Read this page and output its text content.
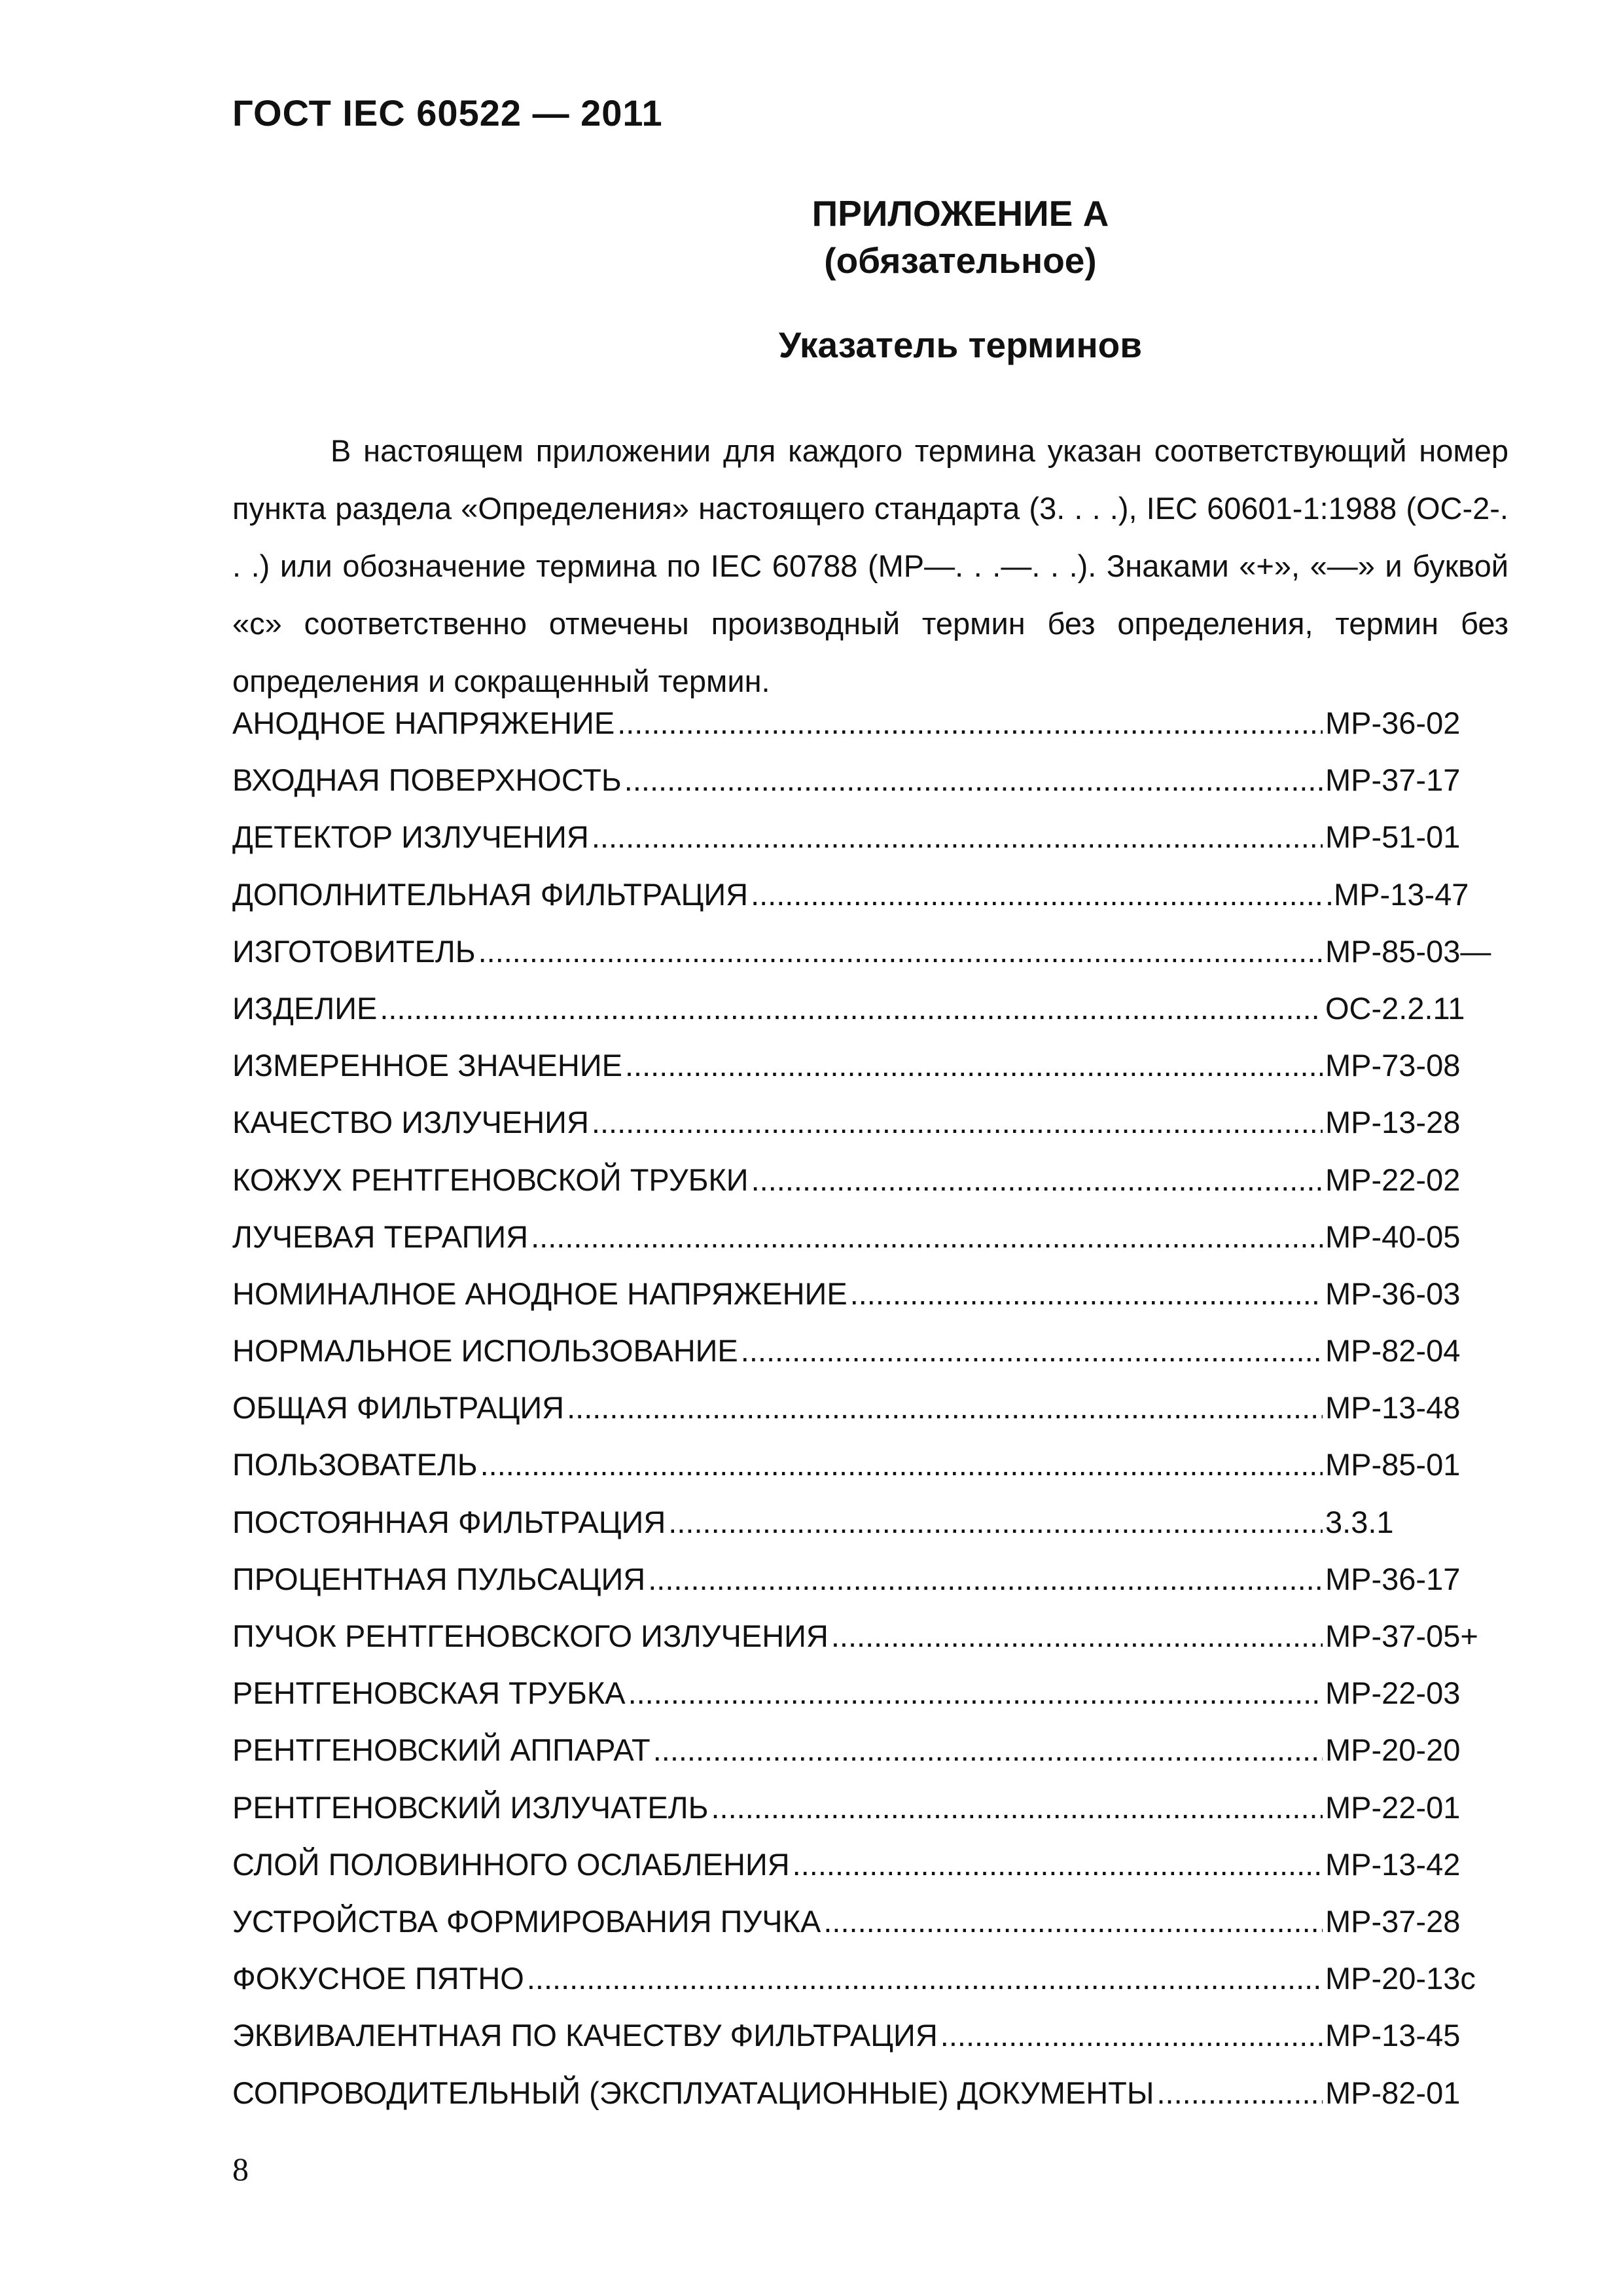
ГОСТ IEC 60522 — 2011
ПРИЛОЖЕНИЕ А
(обязательное)
Указатель терминов

В настоящем приложении для каждого термина указан соответствующий номер пункта раздела «Определения» настоящего стандарта (3. . . .), IEC 60601-1:1988 (ОС-2-. . .) или обозначение термина по IEC 60788 (МР—. . .—. . .). Знаками «+», «—» и буквой «с» соответственно отмечены производный термин без определения, термин без определения и сокращенный термин.

АНОДНОЕ НАПРЯЖЕНИЕ .....	МР-36-02
ВХОДНАЯ ПОВЕРХНОСТЬ .....	МР-37-17
ДЕТЕКТОР ИЗЛУЧЕНИЯ .....	МР-51-01
ДОПОЛНИТЕЛЬНАЯ ФИЛЬТРАЦИЯ .....	.МР-13-47
ИЗГОТОВИТЕЛЬ .....	МР-85-03—
ИЗДЕЛИЕ .....	ОС-2.2.11
ИЗМЕРЕННОЕ ЗНАЧЕНИЕ .....	МР-73-08
КАЧЕСТВО ИЗЛУЧЕНИЯ .....	МР-13-28
КОЖУХ РЕНТГЕНОВСКОЙ ТРУБКИ .....	МР-22-02
ЛУЧЕВАЯ ТЕРАПИЯ .....	МР-40-05
НОМИНАЛНОЕ АНОДНОЕ НАПРЯЖЕНИЕ .....	МР-36-03
НОРМАЛЬНОЕ ИСПОЛЬЗОВАНИЕ .....	МР-82-04
ОБЩАЯ ФИЛЬТРАЦИЯ .....	МР-13-48
ПОЛЬЗОВАТЕЛЬ .....	МР-85-01
ПОСТОЯННАЯ ФИЛЬТРАЦИЯ .....	3.3.1
ПРОЦЕНТНАЯ ПУЛЬСАЦИЯ .....	МР-36-17
ПУЧОК РЕНТГЕНОВСКОГО ИЗЛУЧЕНИЯ .....	МР-37-05+
РЕНТГЕНОВСКАЯ ТРУБКА .....	МР-22-03
РЕНТГЕНОВСКИЙ АППАРАТ .....	МР-20-20
РЕНТГЕНОВСКИЙ ИЗЛУЧАТЕЛЬ .....	МР-22-01
СЛОЙ ПОЛОВИННОГО ОСЛАБЛЕНИЯ .....	МР-13-42
УСТРОЙСТВА ФОРМИРОВАНИЯ ПУЧКА .....	МР-37-28
ФОКУСНОЕ ПЯТНО .....	МР-20-13с
ЭКВИВАЛЕНТНАЯ ПО КАЧЕСТВУ ФИЛЬТРАЦИЯ .....	МР-13-45
СОПРОВОДИТЕЛЬНЫЙ (ЭКСПЛУАТАЦИОННЫЕ) ДОКУМЕНТЫ .....	МР-82-01
8
